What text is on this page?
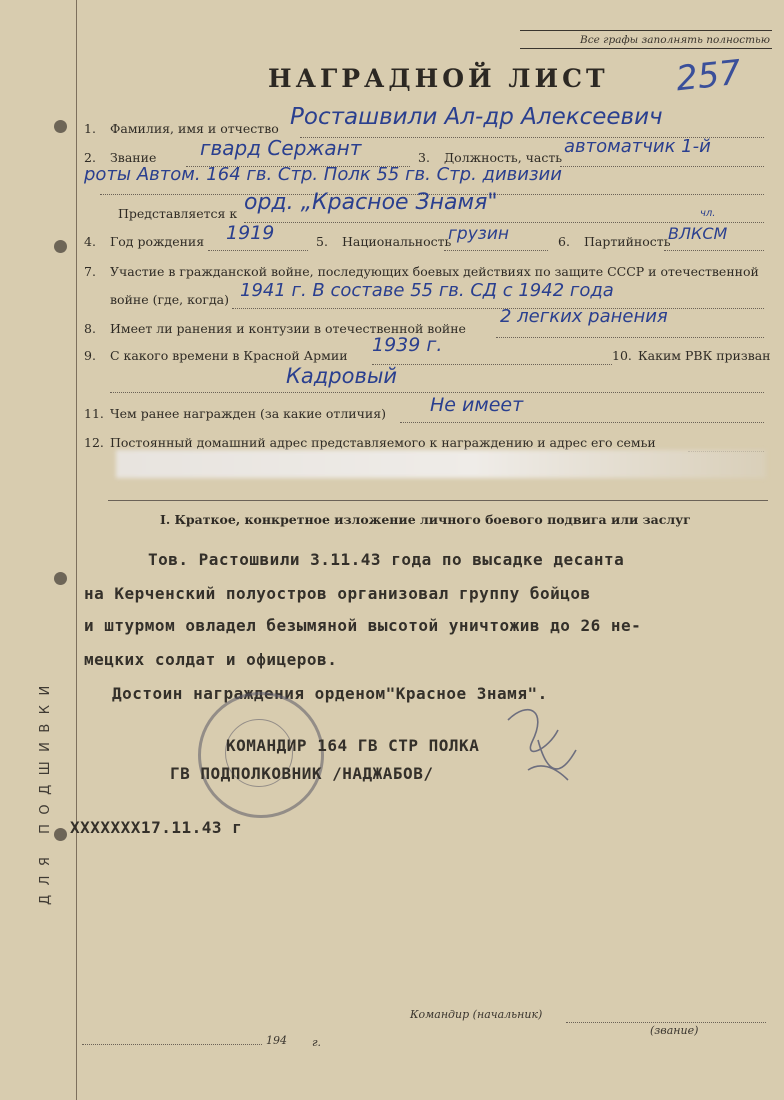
ДЛЯ ПОДШИВКИ
Все графы заполнять полностью
НАГРАДНОЙ ЛИСТ 257
1. Фамилия, имя и отчество Росташвили Ал-др Алексеевич
2. Звание гвард Сержант	3. Должность, часть
автоматчик 1-й
роты Автом. 164 гв. Стр. Полк 55 гв. Стр. дивизии
Представляется к орд. „Красное Знамя"
4. Год рождения 1919	5. Национальность
грузин	6. Партийность
ВЛКСМ
чл.
7. Участие в гражданской войне, последующих боевых действиях по защите СССР и отечественной
войне (где, когда) 1941 г. В составе 55 гв. СД с 1942 года
8. Имеет ли ранения и контузии в отечественной войне
2 легких ранения
9. С какого времени в Красной Армии 1939 г.	10. Каким РВК призван
Кадровый
11. Чем ранее награжден (за какие отличия) Не имеет
12. Постоянный домашний адрес представляемого к награждению и адрес его семьи
I. Краткое, конкретное изложение личного боевого подвига или заслуг
Тов. Растошвили 3.11.43 года по высадке десанта
на Керченский полуостров организовал группу бойцов
и штурмом овладел безымяной высотой уничтожив до 26 не-
мецких солдат и офицеров.
Достоин награждения орденом"Красное Знамя".
КОМАНДИР 164 ГВ СТР ПОЛКА
ГВ ПОДПОЛКОВНИК /НАДЖАБОВ/
ХХХХХХХ17.11.43 г
Командир (начальник)
(звание)
194 г.
